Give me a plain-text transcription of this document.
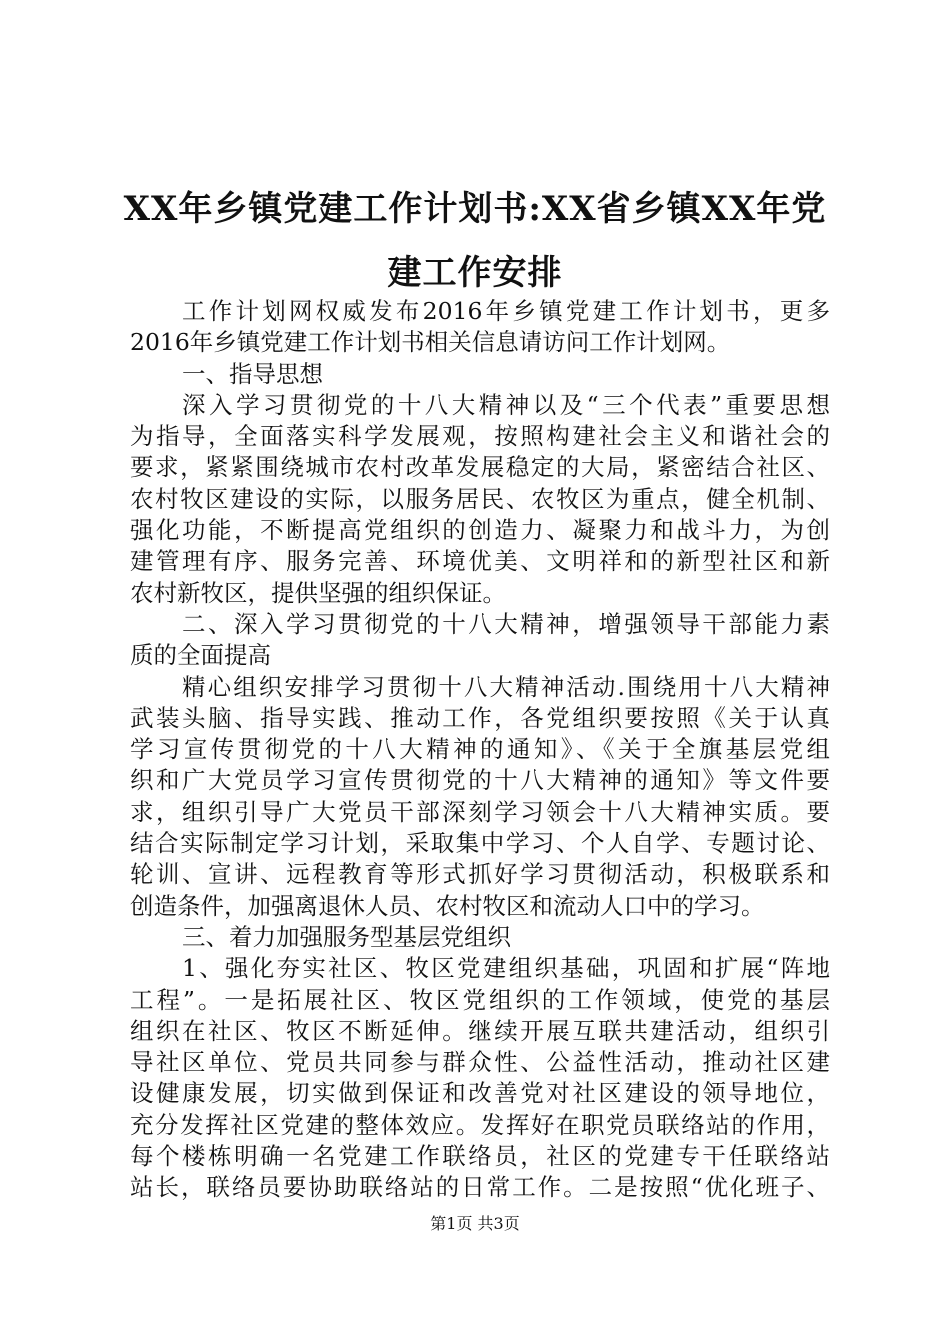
XX年乡镇党建工作计划书:XX省乡镇XX年党
建工作安排
工作计划网权威发布2016年乡镇党建工作计划书，更多
2016年乡镇党建工作计划书相关信息请访问工作计划网。
一、指导思想
深入学习贯彻党的十八大精神以及“三个代表”重要思想
为指导，全面落实科学发展观，按照构建社会主义和谐社会的
要求，紧紧围绕城市农村改革发展稳定的大局，紧密结合社区、
农村牧区建设的实际，以服务居民、农牧区为重点，健全机制、
强化功能，不断提高党组织的创造力、凝聚力和战斗力，为创
建管理有序、服务完善、环境优美、文明祥和的新型社区和新
农村新牧区，提供坚强的组织保证。
二、深入学习贯彻党的十八大精神，增强领导干部能力素
质的全面提高
精心组织安排学习贯彻十八大精神活动.围绕用十八大精神
武装头脑、指导实践、推动工作，各党组织要按照《关于认真
学习宣传贯彻党的十八大精神的通知》、《关于全旗基层党组
织和广大党员学习宣传贯彻党的十八大精神的通知》等文件要
求，组织引导广大党员干部深刻学习领会十八大精神实质。要
结合实际制定学习计划，采取集中学习、个人自学、专题讨论、
轮训、宣讲、远程教育等形式抓好学习贯彻活动，积极联系和
创造条件，加强离退休人员、农村牧区和流动人口中的学习。
三、着力加强服务型基层党组织
1、强化夯实社区、牧区党建组织基础，巩固和扩展“阵地
工程”。一是拓展社区、牧区党组织的工作领域，使党的基层
组织在社区、牧区不断延伸。继续开展互联共建活动，组织引
导社区单位、党员共同参与群众性、公益性活动，推动社区建
设健康发展，切实做到保证和改善党对社区建设的领导地位，
充分发挥社区党建的整体效应。发挥好在职党员联络站的作用，
每个楼栋明确一名党建工作联络员，社区的党建专干任联络站
站长，联络员要协助联络站的日常工作。二是按照“优化班子、
第1页 共3页
